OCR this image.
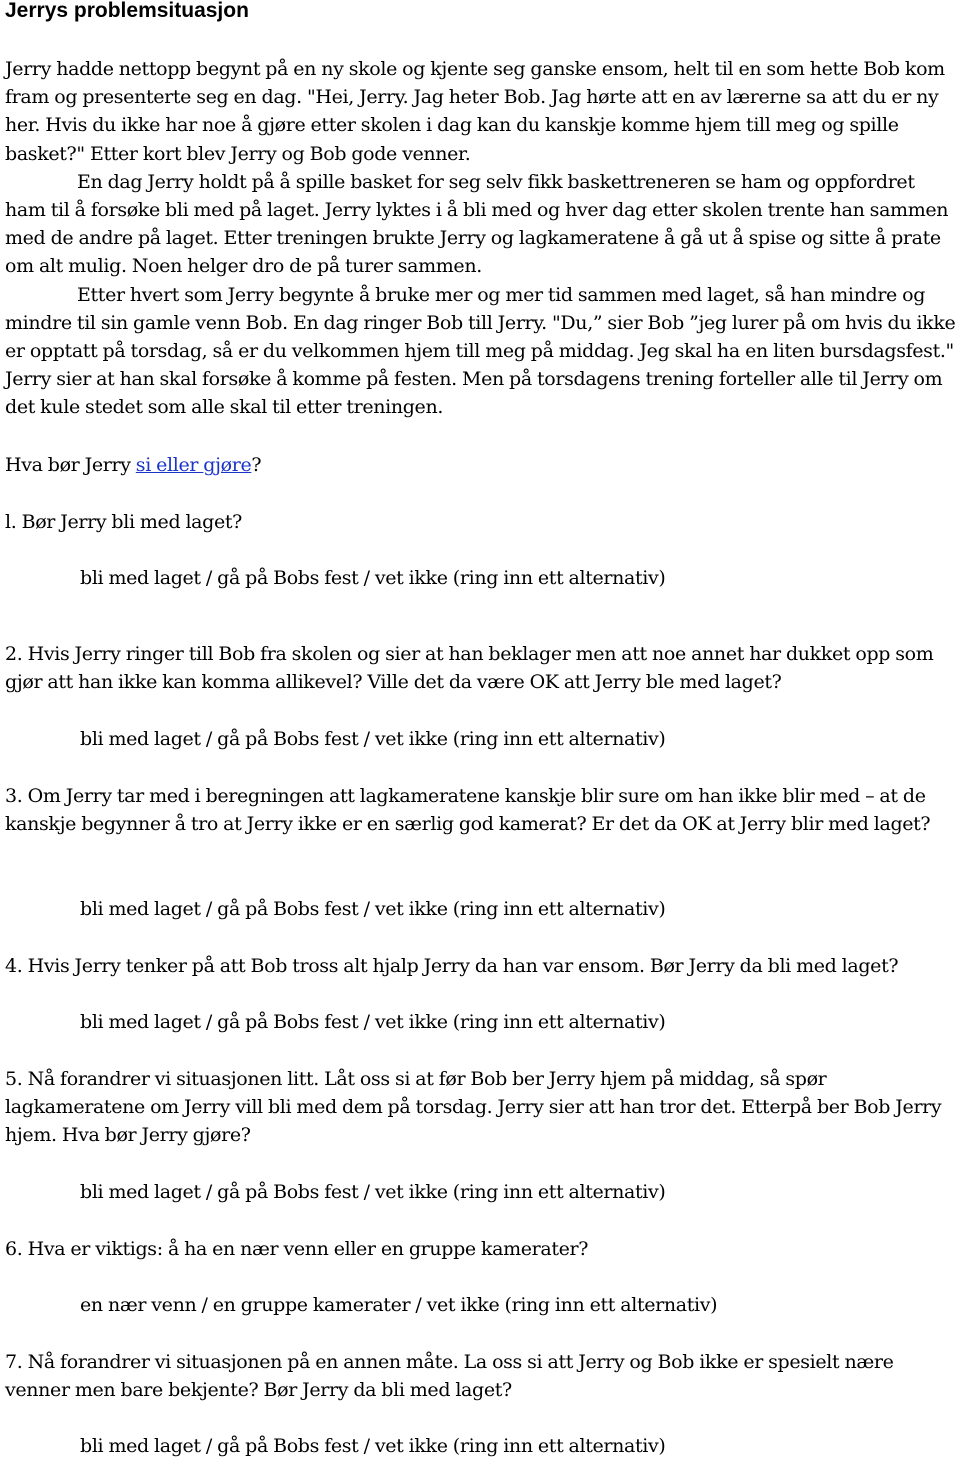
Jerrys problemsituasjon
Jerry hadde nettopp begynt på en ny skole og kjente seg ganske ensom, helt til en som hette Bob kom fram og presenterte seg en dag. "Hei, Jerry. Jag heter Bob. Jag hørte att en av lærerne sa att du er ny her. Hvis du ikke har noe å gjøre etter skolen i dag kan du kanskje komme hjem till meg og spille basket?" Etter kort blev Jerry og Bob gode venner.
En dag Jerry holdt på å spille basket for seg selv fikk baskettreneren se ham og oppfordret ham til å forsøke bli med på laget. Jerry lyktes i å bli med og hver dag etter skolen trente han sammen med de andre på laget. Etter treningen brukte Jerry og lagkameratene å gå ut å spise og sitte å prate om alt mulig. Noen helger dro de på turer sammen.
Etter hvert som Jerry begynte å bruke mer og mer tid sammen med laget, så han mindre og mindre til sin gamle venn Bob. En dag ringer Bob till Jerry. "Du,” sier Bob ”jeg lurer på om hvis du ikke er opptatt på torsdag, så er du velkommen hjem till meg på middag. Jeg skal ha en liten bursdagsfest." Jerry sier at han skal forsøke å komme på festen. Men på torsdagens trening forteller alle til Jerry om det kule stedet som alle skal til etter treningen.
Hva bør Jerry si eller gjøre?
l. Bør Jerry bli med laget?
bli med laget / gå på Bobs fest / vet ikke (ring inn ett alternativ)
2. Hvis Jerry ringer till Bob fra skolen og sier at han beklager men att noe annet har dukket opp som gjør att han ikke kan komma allikevel? Ville det da være OK att Jerry ble med laget?
bli med laget / gå på Bobs fest / vet ikke (ring inn ett alternativ)
3. Om Jerry tar med i beregningen att lagkameratene kanskje blir sure om han ikke blir med – at de kanskje begynner å tro at Jerry ikke er en særlig god kamerat? Er det da OK at Jerry blir med laget?
bli med laget / gå på Bobs fest / vet ikke (ring inn ett alternativ)
4. Hvis Jerry tenker på att Bob tross alt hjalp Jerry da han var ensom. Bør Jerry da bli med laget?
bli med laget / gå på Bobs fest / vet ikke (ring inn ett alternativ)
5. Nå forandrer vi situasjonen litt. Låt oss si at før Bob ber Jerry hjem på middag, så spør lagkameratene om Jerry vill bli med dem på torsdag. Jerry sier att han tror det. Etterpå ber Bob Jerry hjem. Hva bør Jerry gjøre?
bli med laget / gå på Bobs fest / vet ikke (ring inn ett alternativ)
6. Hva er viktigs: å ha en nær venn eller en gruppe kamerater?
en nær venn / en gruppe kamerater / vet ikke (ring inn ett alternativ)
7. Nå forandrer vi situasjonen på en annen måte. La oss si att Jerry og Bob ikke er spesielt nære venner men bare bekjente? Bør Jerry da bli med laget?
bli med laget / gå på Bobs fest / vet ikke (ring inn ett alternativ)
